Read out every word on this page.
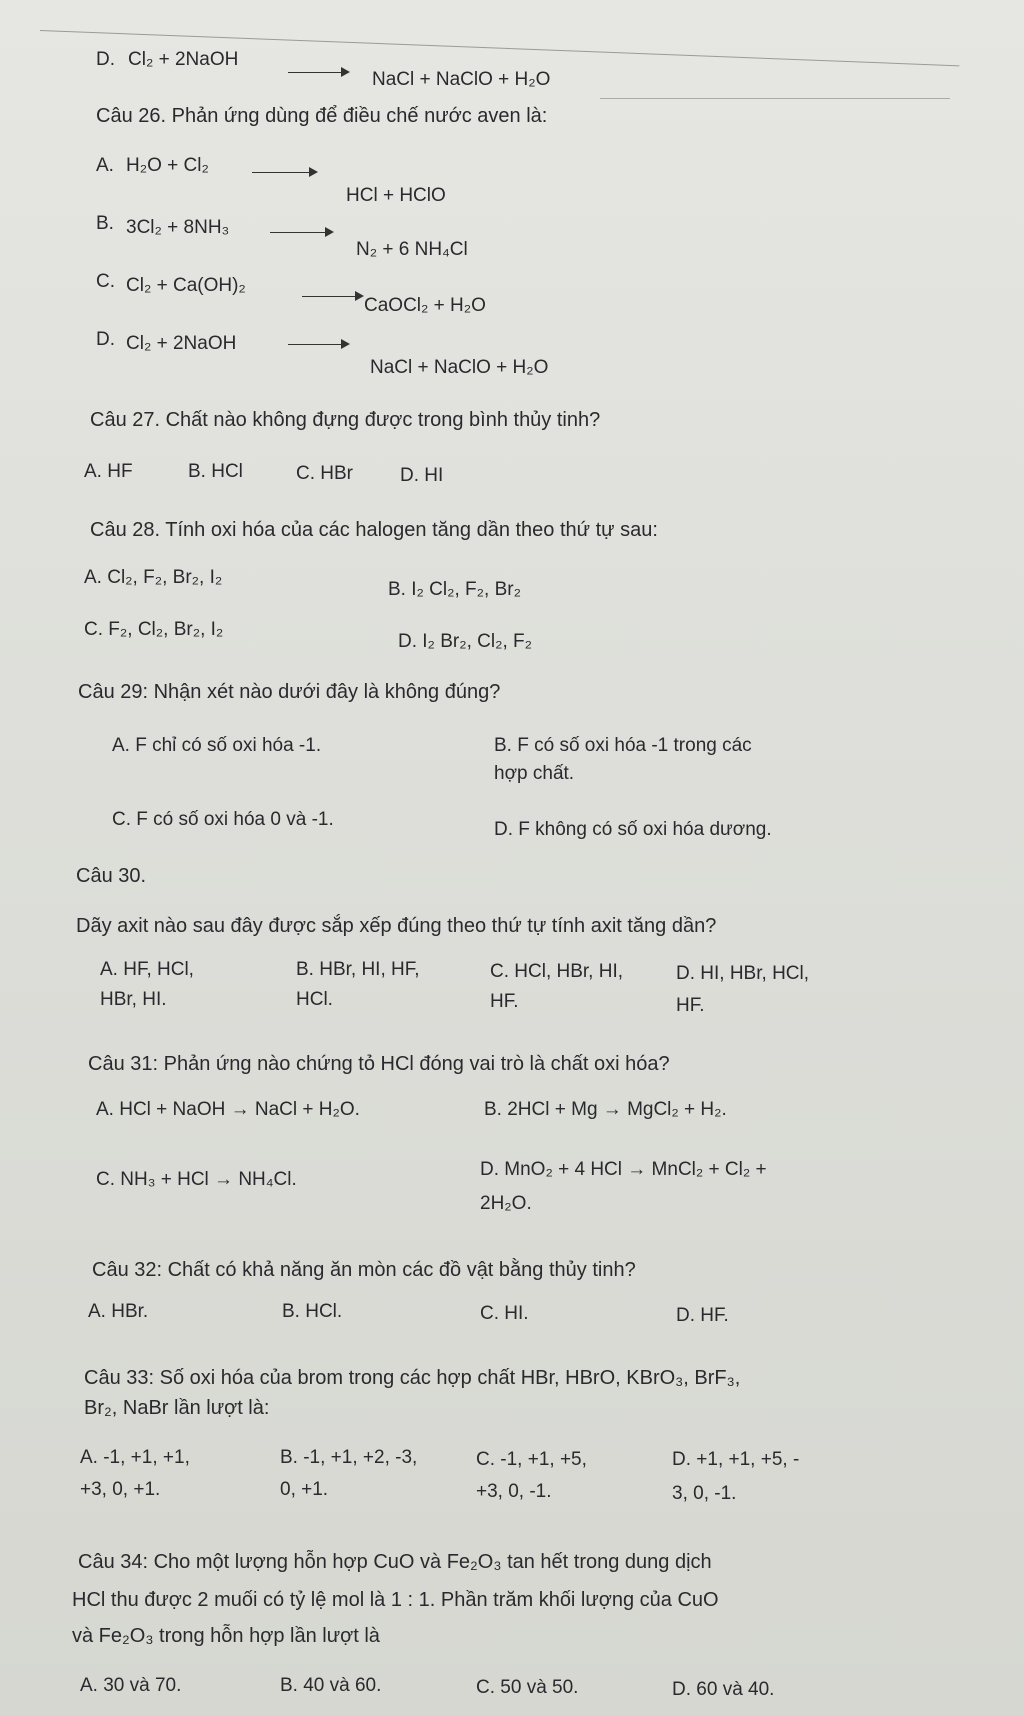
D. Cl₂ + 2NaOH
NaCl + NaClO + H₂O
Câu 26. Phản ứng dùng để điều chế nước aven là:
A. H₂O + Cl₂
HCl + HClO
B. 3Cl₂ + 8NH₃
N₂ + 6 NH₄Cl
C. Cl₂ + Ca(OH)₂
CaOCl₂ + H₂O
D. Cl₂ + 2NaOH
NaCl + NaClO + H₂O
Câu 27. Chất nào không đựng được trong bình thủy tinh?
A. HF	B. HCl	C. HBr D. HI
Câu 28. Tính oxi hóa của các halogen tăng dần theo thứ tự sau:
A. Cl₂, F₂, Br₂, I₂
B. I₂ Cl₂, F₂, Br₂
C. F₂, Cl₂, Br₂, I₂
D. I₂ Br₂, Cl₂, F₂
Câu 29: Nhận xét nào dưới đây là không đúng?
A. F chỉ có số oxi hóa -1.	B. F có số oxi hóa -1 trong các
hợp chất.
C. F có số oxi hóa 0 và -1.	D. F không có số oxi hóa dương.
Câu 30.
Dãy axit nào sau đây được sắp xếp đúng theo thứ tự tính axit tăng dần?
A. HF, HCl,
HBr, HI.
B. HBr, HI, HF,
HCl.
C. HCl, HBr, HI,
HF.
D. HI, HBr, HCl,
HF.
Câu 31: Phản ứng nào chứng tỏ HCl đóng vai trò là chất oxi hóa?
A. HCl + NaOH → NaCl + H₂O.	B. 2HCl + Mg → MgCl₂ + H₂.
C. NH₃ + HCl → NH₄Cl.	D. MnO₂ + 4 HCl → MnCl₂ + Cl₂ +
2H₂O.
Câu 32: Chất có khả năng ăn mòn các đồ vật bằng thủy tinh?
A. HBr.	B. HCl.	C. HI.	D. HF.
Câu 33: Số oxi hóa của brom trong các hợp chất HBr, HBrO, KBrO₃, BrF₃,
Br₂, NaBr lần lượt là:
A. -1, +1, +1,
+3, 0, +1.
B. -1, +1, +2, -3,
0, +1.
C. -1, +1, +5,
+3, 0, -1.
D. +1, +1, +5, -
3, 0, -1.
Câu 34: Cho một lượng hỗn hợp CuO và Fe₂O₃ tan hết trong dung dịch
HCl thu được 2 muối có tỷ lệ mol là 1 : 1. Phần trăm khối lượng của CuO
và Fe₂O₃ trong hỗn hợp lần lượt là
A. 30 và 70.	B. 40 và 60.	C. 50 và 50.	D. 60 và 40.
